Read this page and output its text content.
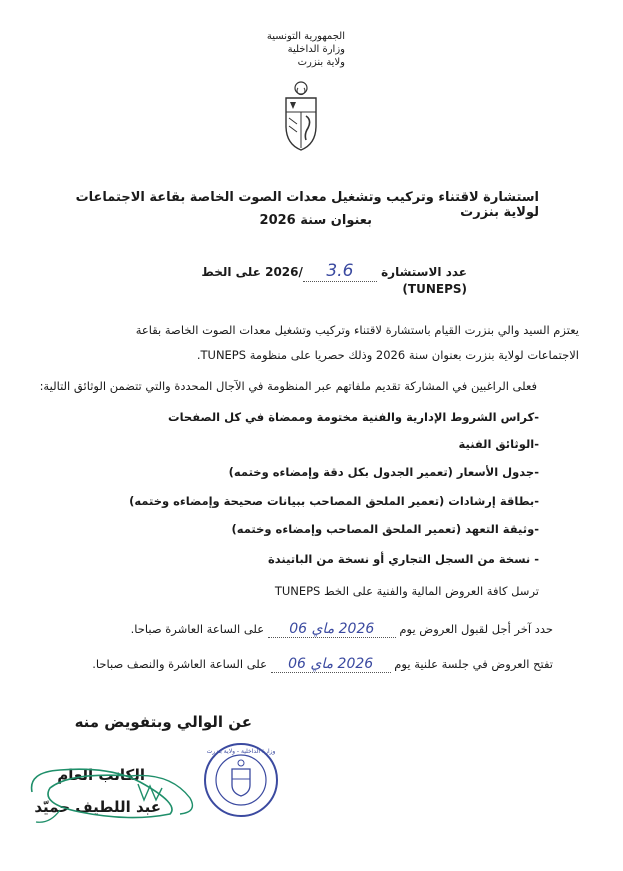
الجمهورية التونسية
وزارة الداخلية
ولاية بنزرت
استشارة لاقتناء وتركيب وتشغيل معدات الصوت الخاصة بقاعة الاجتماعات لولاية بنزرت
بعنوان سنة 2026
عدد الاستشارة 3.6/2026 على الخط (TUNEPS)
يعتزم السيد والي بنزرت القيام باستشارة لاقتناء وتركيب وتشغيل معدات الصوت الخاصة بقاعة
الاجتماعات لولاية بنزرت بعنوان سنة 2026 وذلك حصريا على منظومة TUNEPS.
فعلى الراغبين في المشاركة تقديم ملفاتهم عبر المنظومة في الآجال المحددة والتي تتضمن الوثائق التالية:
-كراس الشروط الإدارية والفنية مختومة وممضاة في كل الصفحات
-الوثائق الفنية
-جدول الأسعار (تعمير الجدول بكل دقة وإمضاءه وختمه)
-بطاقة إرشادات (تعمير الملحق المصاحب ببيانات صحيحة وإمضاءه وختمه)
-وثيقة التعهد (تعمير الملحق المصاحب وإمضاءه وختمه)
- نسخة من السجل التجاري أو نسخة من الباتيندة
ترسل كافة العروض المالية والفنية على الخط TUNEPS
حدد آخر أجل لقبول العروض يوم 2026 ماي 06 على الساعة العاشرة صباحا.
تفتح العروض في جلسة علنية يوم 2026 ماي 06 على الساعة العاشرة والنصف صباحا.
عن الوالي وبتفويض منه
وزارة الداخلية - ولاية بنزرت
الكاتب العام
عبد اللطيف حميّد
